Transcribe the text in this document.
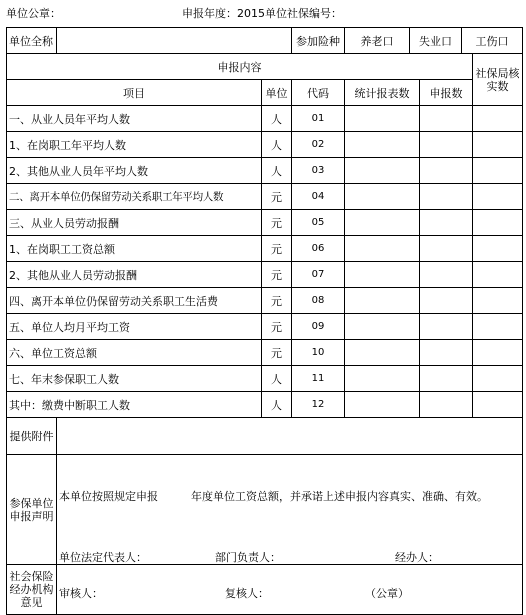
单位公章：	申报年度：2015单位社保编号：
单位全称			参加险种	养老口	失业口		工伤口	
申报内容								社保局核实数
项目		单位	代码	统计报表数		申报数		
一、从业人员年平均人数		人	01					
1、在岗职工年平均人数		人	02					
2、其他从业人员年平均人数		人	03					
二、离开本单位仍保留劳动关系职工年平均人数		元	04					
三、从业人员劳动报酬		元	05					
1、在岗职工工资总额		元	06					
2、其他从业人员劳动报酬		元	07					
四、离开本单位仍保留劳动关系职工生活费		元	08					
五、单位人均月平均工资		元	09					
六、单位工资总额		元	10					
七、年末参保职工人数		人	11					
其中：缴费中断职工人数		人	12					
提供附件								
参保单位申报声明	本单位按照规定申报　　　年度单位工资总额，并承诺上述申报内容真实、准确、有效。
单位法定代表人： 部门负责人： 经办人：							

社会保险经办机构意见	审核人： 复核人： （公章）							
